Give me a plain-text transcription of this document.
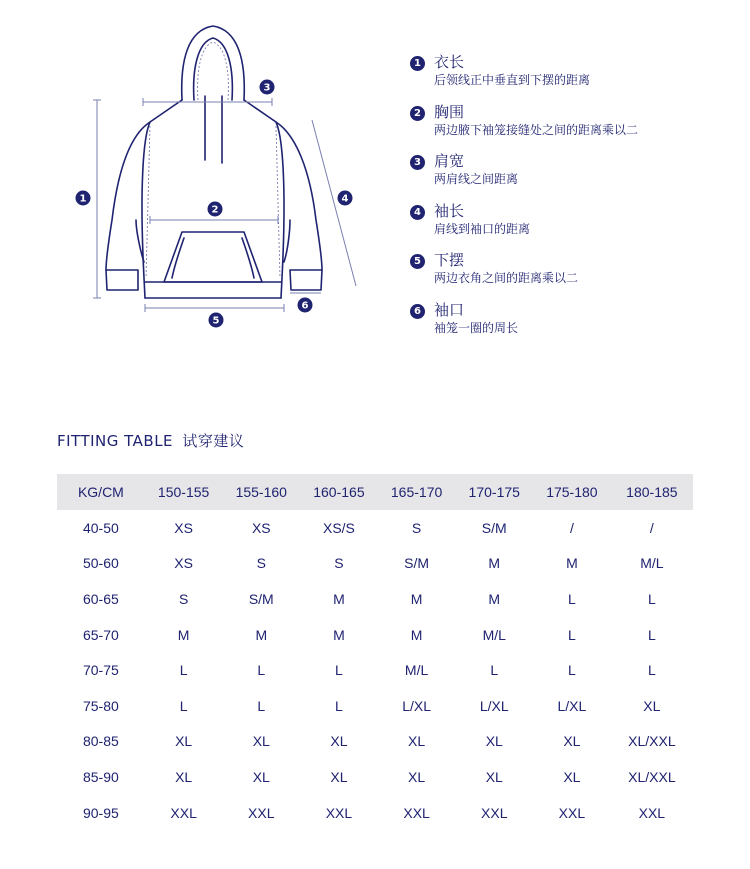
1
2
3
4
5
6
1 衣长
后领线正中垂直到下摆的距离
2 胸围
两边腋下袖笼接缝处之间的距离乘以二
3 肩宽
两肩线之间距离
4 袖长
肩线到袖口的距离
5 下摆
两边衣角之间的距离乘以二
6 袖口
袖笼一圈的周长
FITTING TABLE 试穿建议
KG/CM	150-155	155-160	160-165	165-170	170-175	175-180	180-185
40-50	XS	XS	XS/S	S	S/M	/	/
50-60	XS	S	S	S/M	M	M	M/L
60-65	S	S/M	M	M	M	L	L
65-70	M	M	M	M	M/L	L	L
70-75	L	L	L	M/L	L	L	L
75-80	L	L	L	L/XL	L/XL	L/XL	XL
80-85	XL	XL	XL	XL	XL	XL	XL/XXL
85-90	XL	XL	XL	XL	XL	XL	XL/XXL
90-95	XXL	XXL	XXL	XXL	XXL	XXL	XXL
